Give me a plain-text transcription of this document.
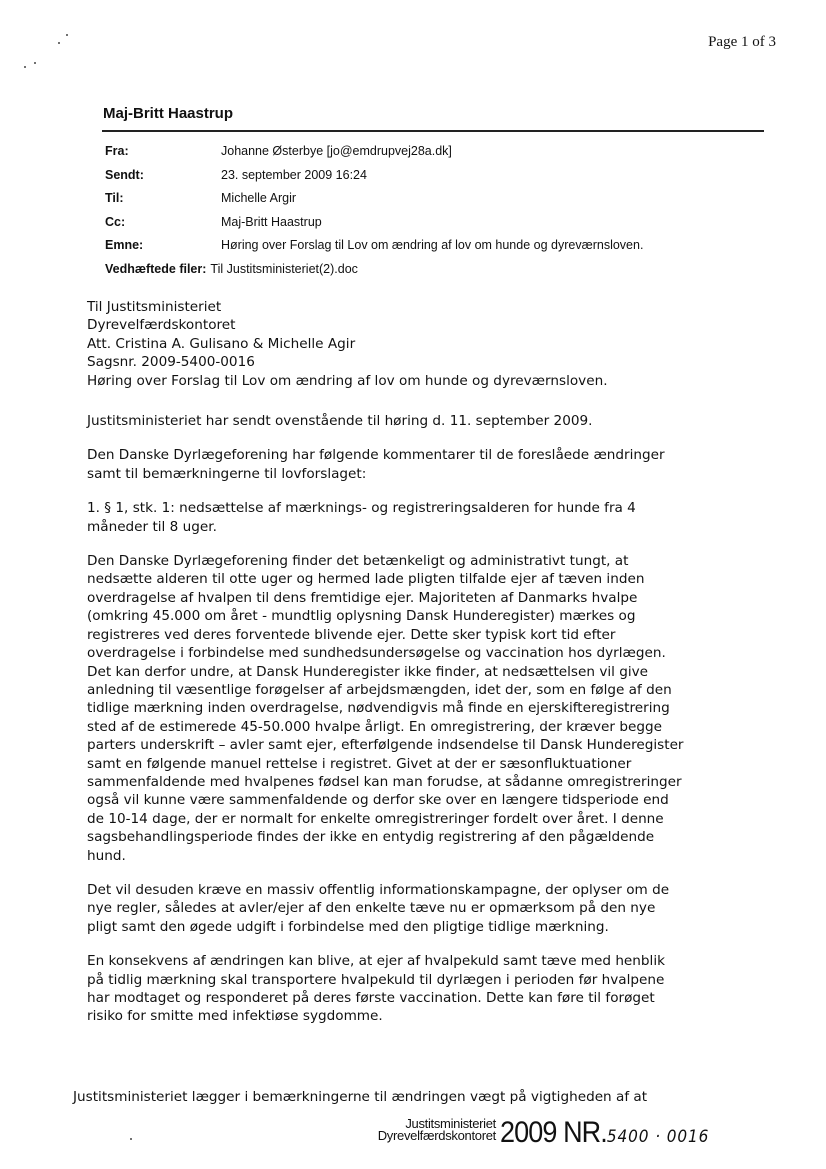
Page 1 of 3
Maj-Britt Haastrup
Fra:	Johanne Østerbye [jo@emdrupvej28a.dk]
Sendt:	23. september 2009 16:24
Til:	Michelle Argir
Cc:	Maj-Britt Haastrup
Emne:	Høring over Forslag til Lov om ændring af lov om hunde og dyreværnsloven.
Vedhæftede filer: Til Justitsministeriet(2).doc

Til Justitsministeriet
Dyrevelfærdskontoret
Att. Cristina A. Gulisano & Michelle Agir
Sagsnr. 2009-5400-0016
Høring over Forslag til Lov om ændring af lov om hunde og dyreværnsloven.

Justitsministeriet har sendt ovenstående til høring d. 11. september 2009.

Den Danske Dyrlægeforening har følgende kommentarer til de foreslåede ændringer
samt til bemærkningerne til lovforslaget:

1. § 1, stk. 1: nedsættelse af mærknings- og registreringsalderen for hunde fra 4
måneder til 8 uger.

Den Danske Dyrlægeforening finder det betænkeligt og administrativt tungt, at
nedsætte alderen til otte uger og hermed lade pligten tilfalde ejer af tæven inden
overdragelse af hvalpen til dens fremtidige ejer. Majoriteten af Danmarks hvalpe
(omkring 45.000 om året - mundtlig oplysning Dansk Hunderegister) mærkes og
registreres ved deres forventede blivende ejer. Dette sker typisk kort tid efter
overdragelse i forbindelse med sundhedsundersøgelse og vaccination hos dyrlægen.
Det kan derfor undre, at Dansk Hunderegister ikke finder, at nedsættelsen vil give
anledning til væsentlige forøgelser af arbejdsmængden, idet der, som en følge af den
tidlige mærkning inden overdragelse, nødvendigvis må finde en ejerskifteregistrering
sted af de estimerede 45-50.000 hvalpe årligt. En omregistrering, der kræver begge
parters underskrift – avler samt ejer, efterfølgende indsendelse til Dansk Hunderegister
samt en følgende manuel rettelse i registret. Givet at der er sæsonfluktuationer
sammenfaldende med hvalpenes fødsel kan man forudse, at sådanne omregistreringer
også vil kunne være sammenfaldende og derfor ske over en længere tidsperiode end
de 10-14 dage, der er normalt for enkelte omregistreringer fordelt over året. I denne
sagsbehandlingsperiode findes der ikke en entydig registrering af den pågældende
hund.

Det vil desuden kræve en massiv offentlig informationskampagne, der oplyser om de
nye regler, således at avler/ejer af den enkelte tæve nu er opmærksom på den nye
pligt samt den øgede udgift i forbindelse med den pligtige tidlige mærkning.

En konsekvens af ændringen kan blive, at ejer af hvalpekuld samt tæve med henblik
på tidlig mærkning skal transportere hvalpekuld til dyrlægen i perioden før hvalpene
har modtaget og responderet på deres første vaccination. Dette kan føre til forøget
risiko for smitte med infektiøse sygdomme.

Justitsministeriet lægger i bemærkningerne til ændringen vægt på vigtigheden af at
Justitsministeriet
Dyrevelfærdskontoret 2009 NR.5400 · 0016
